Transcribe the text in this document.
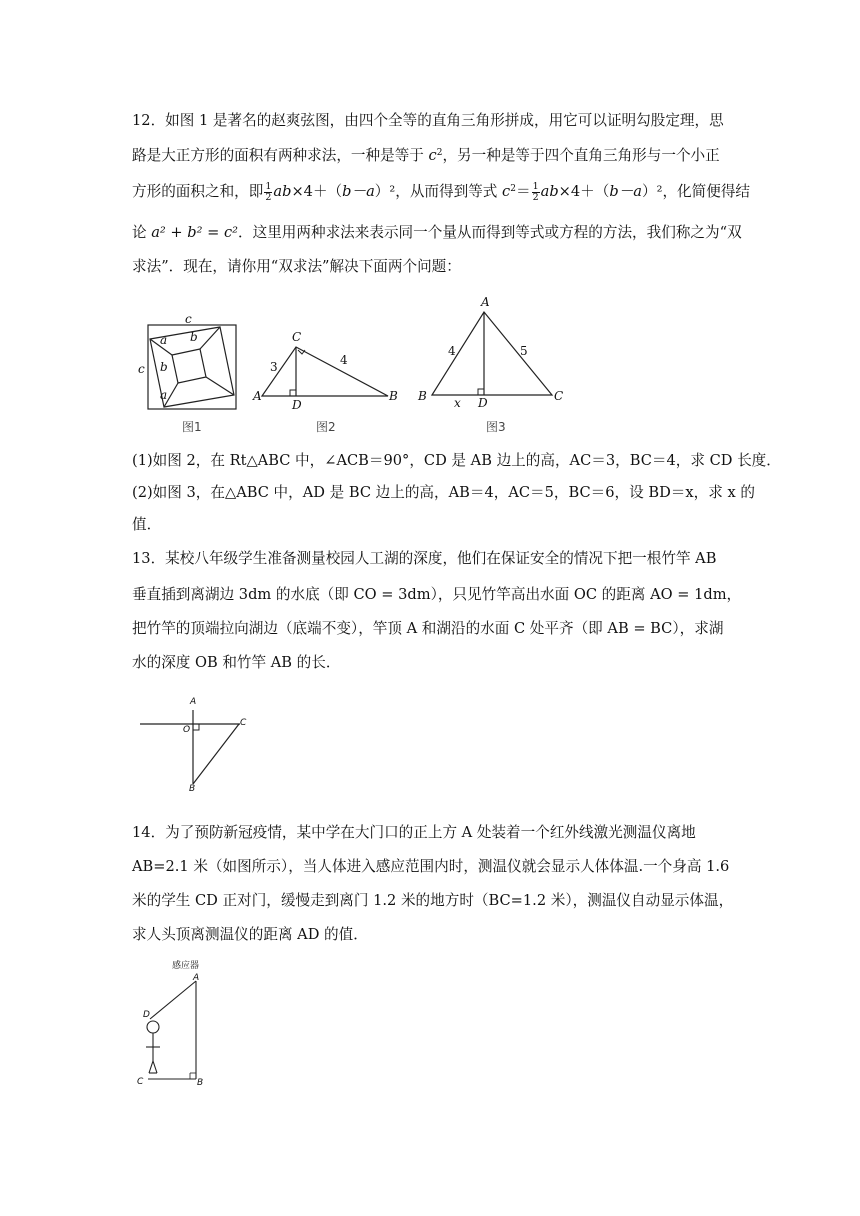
12．如图 1 是著名的赵爽弦图，由四个全等的直角三角形拼成，用它可以证明勾股定理，思
路是大正方形的面积有两种求法，一种是等于 $c^2$，另一种是等于四个直角三角形与一个小正
方形的面积之和，即 $\frac{1}{2} ab\times 4+(b-a)^2$，从而得到等式 $c^2= \frac{1}{2} ab\times 4+(b-a)^2$，化简便得结
论 a² + b² = c²．这里用两种求法来表示同一个量从而得到等式或方程的方法，我们称之为“双
求法”．现在，请你用“双求法”解决下面两个问题：
c
c
b
a
b
a
图1
C
A	B
D
3	4
图2
A
B	C
D
4	5
x
图3
(1)如图 2，在 Rt△ABC 中，∠ACB＝90°，CD 是 AB 边上的高，AC＝3，BC＝4，求 CD 长度．
(2)如图 3，在△ABC 中，AD 是 BC 边上的高，AB＝4，AC＝5，BC＝6，设 BD＝x，求 x 的
值．
13．某校八年级学生准备测量校园人工湖的深度，他们在保证安全的情况下把一根竹竿 AB
垂直插到离湖边 3dm 的水底（即 CO = 3dm），只见竹竿高出水面 OC 的距离 AO = 1dm，
把竹竿的顶端拉向湖边（底端不变），竿顶 A 和湖沿的水面 C 处平齐（即 AB = BC），求湖
水的深度 OB 和竹竿 AB 的长．
A
O
C
B
14．为了预防新冠疫情，某中学在大门口的正上方 A 处装着一个红外线激光测温仪离地
AB=2.1 米（如图所示），当人体进入感应范围内时，测温仪就会显示人体体温.一个身高 1.6
米的学生 CD 正对门，缓慢走到离门 1.2 米的地方时（BC=1.2 米），测温仪自动显示体温，
求人头顶离测温仪的距离 AD 的值．
感应器
A
D
C	B
